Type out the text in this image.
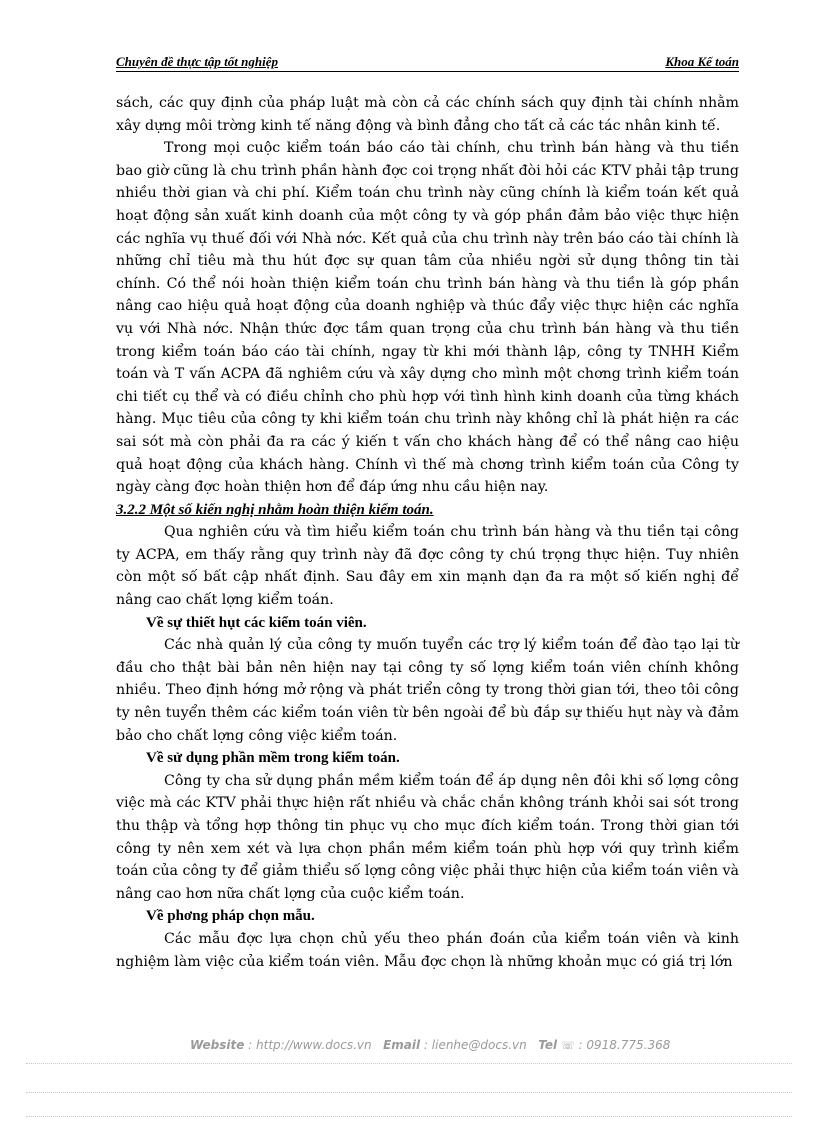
Chuyên đề thực tập tốt nghiệp	Khoa Kế toán

sách, các quy định của pháp luật mà còn cả các chính sách quy định tài chính nhằm xây dựng môi trờng kinh tế năng động và bình đẳng cho tất cả các tác nhân kinh tế.

Trong mọi cuộc kiểm toán báo cáo tài chính, chu trình bán hàng và thu tiền bao giờ cũng là chu trình phần hành đợc coi trọng nhất đòi hỏi các KTV phải tập trung nhiều thời gian và chi phí. Kiểm toán chu trình này cũng chính là kiểm toán kết quả hoạt động sản xuất kinh doanh của một công ty và góp phần đảm bảo việc thực hiện các nghĩa vụ thuế đối với Nhà nớc. Kết quả của chu trình này trên báo cáo tài chính là những chỉ tiêu mà thu hút đợc sự quan tâm của nhiều ngời sử dụng thông tin tài chính. Có thể nói hoàn thiện kiểm toán chu trình bán hàng và thu tiền là góp phần nâng cao hiệu quả hoạt động của doanh nghiệp và thúc đẩy việc thực hiện các nghĩa vụ với Nhà nớc. Nhận thức đợc tầm quan trọng của chu trình bán hàng và thu tiền trong kiểm toán báo cáo tài chính, ngay từ khi mới thành lập, công ty TNHH Kiểm toán và T vấn ACPA đã nghiêm cứu và xây dựng cho mình một chơng trình kiểm toán chi tiết cụ thể và có điều chỉnh cho phù hợp với tình hình kinh doanh của từng khách hàng. Mục tiêu của công ty khi kiểm toán chu trình này không chỉ là phát hiện ra các sai sót mà còn phải đa ra các ý kiến t vấn cho khách hàng để có thể nâng cao hiệu quả hoạt động của khách hàng. Chính vì thế mà chơng trình kiểm toán của Công ty ngày càng đợc hoàn thiện hơn để đáp ứng nhu cầu hiện nay.

3.2.2 Một số kiến nghị nhằm hoàn thiện kiểm toán.

Qua nghiên cứu và tìm hiểu kiểm toán chu trình bán hàng và thu tiền tại công ty ACPA, em thấy rằng quy trình này đã đợc công ty chú trọng thực hiện. Tuy nhiên còn một số bất cập nhất định. Sau đây em xin mạnh dạn đa ra một số kiến nghị để nâng cao chất lợng kiểm toán.

Về sự thiết hụt các kiểm toán viên.

Các nhà quản lý của công ty muốn tuyển các trợ lý kiểm toán để đào tạo lại từ đầu cho thật bài bản nên hiện nay tại công ty số lợng kiểm toán viên chính không nhiều. Theo định hớng mở rộng và phát triển công ty trong thời gian tới, theo tôi công ty nên tuyển thêm các kiểm toán viên từ bên ngoài để bù đắp sự thiếu hụt này và đảm bảo cho chất lợng công việc kiểm toán.

Về sử dụng phần mềm trong kiểm toán.

Công ty cha sử dụng phần mềm kiểm toán để áp dụng nên đôi khi số lợng công việc mà các KTV phải thực hiện rất nhiều và chắc chắn không tránh khỏi sai sót trong thu thập và tổng hợp thông tin phục vụ cho mục đích kiểm toán. Trong thời gian tới công ty nên xem xét và lựa chọn phần mềm kiểm toán phù hợp với quy trình kiểm toán của công ty để giảm thiểu số lợng công việc phải thực hiện của kiểm toán viên và nâng cao hơn nữa chất lợng của cuộc kiểm toán.

Về phơng pháp chọn mẫu.

Các mẫu đợc lựa chọn chủ yếu theo phán đoán của kiểm toán viên và kinh nghiệm làm việc của kiểm toán viên. Mẫu đợc chọn là những khoản mục có giá trị lớn

Website : http://www.docs.vn Email : lienhe@docs.vn Tel ☏ : 0918.775.368
